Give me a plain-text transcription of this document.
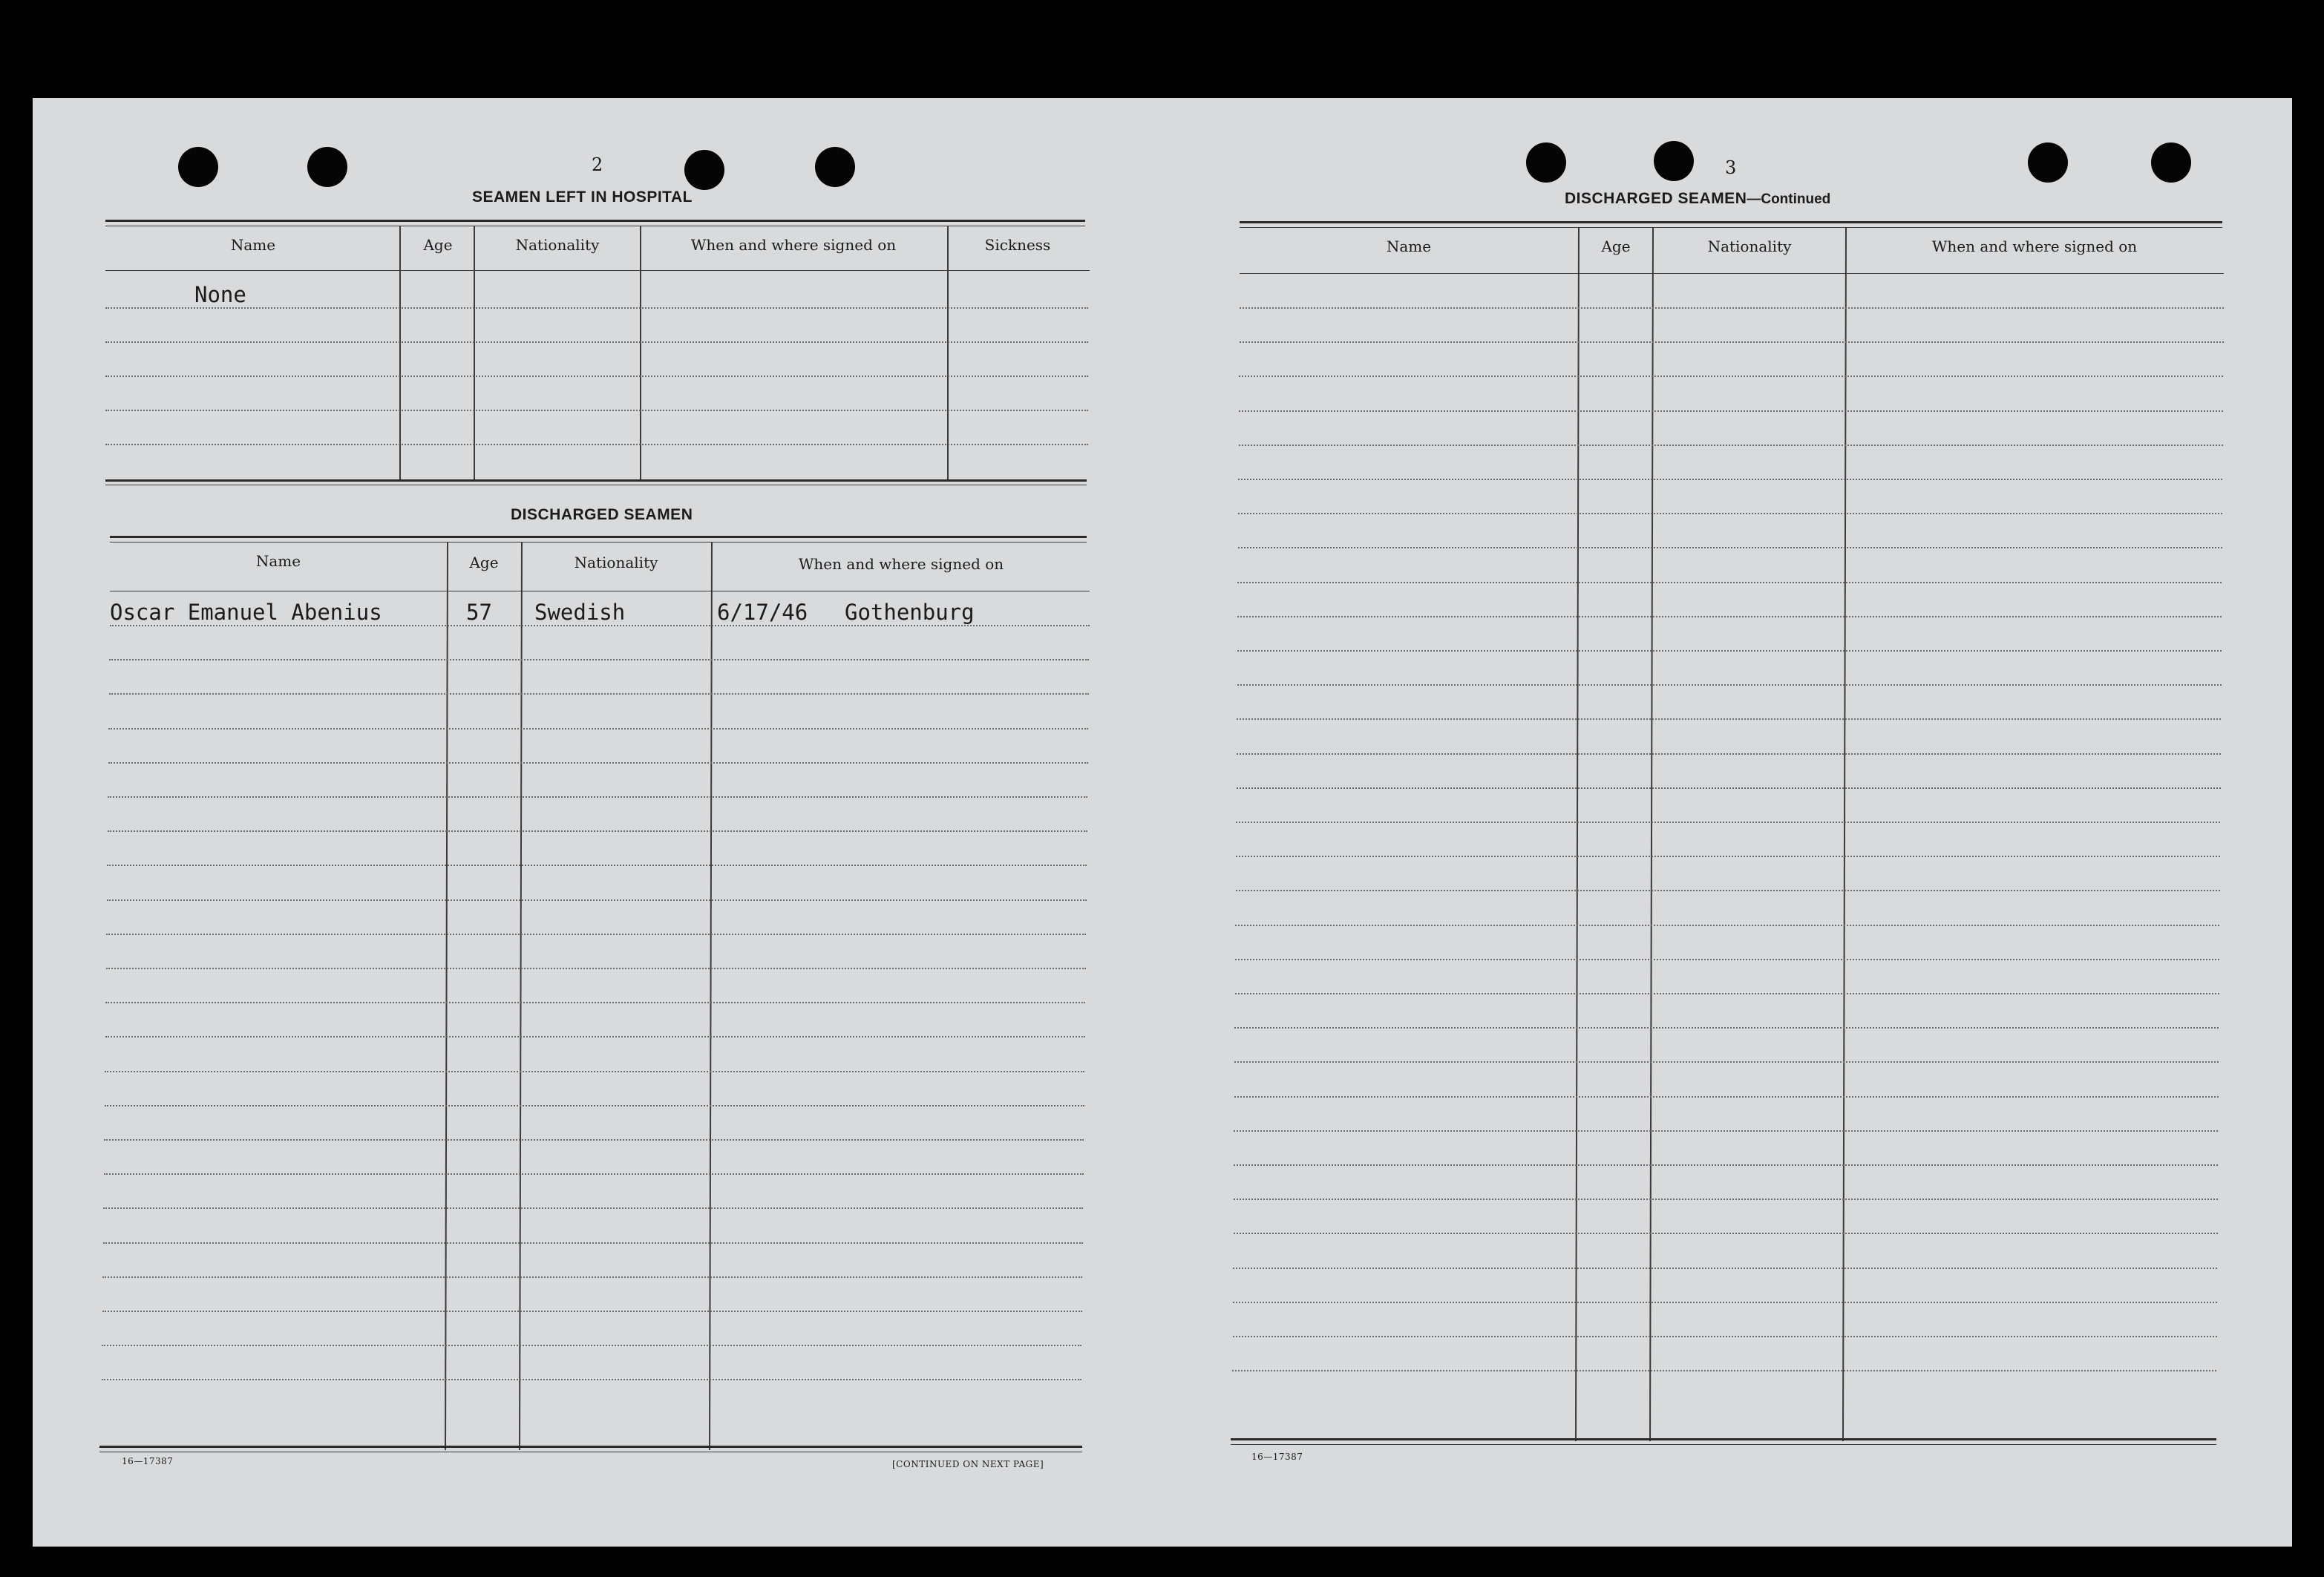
2
SEAMEN LEFT IN HOSPITAL
Name	Age	Nationality	When and where signed on	Sickness
None
DISCHARGED SEAMEN
Name	Age	Nationality	When and where signed on
Oscar Emanuel Abenius	57 Swedish	6/17/46 Gothenburg
16—17387	[CONTINUED ON NEXT PAGE]
3
DISCHARGED SEAMEN—Continued
Name	Age	Nationality	When and where signed on
16—17387
